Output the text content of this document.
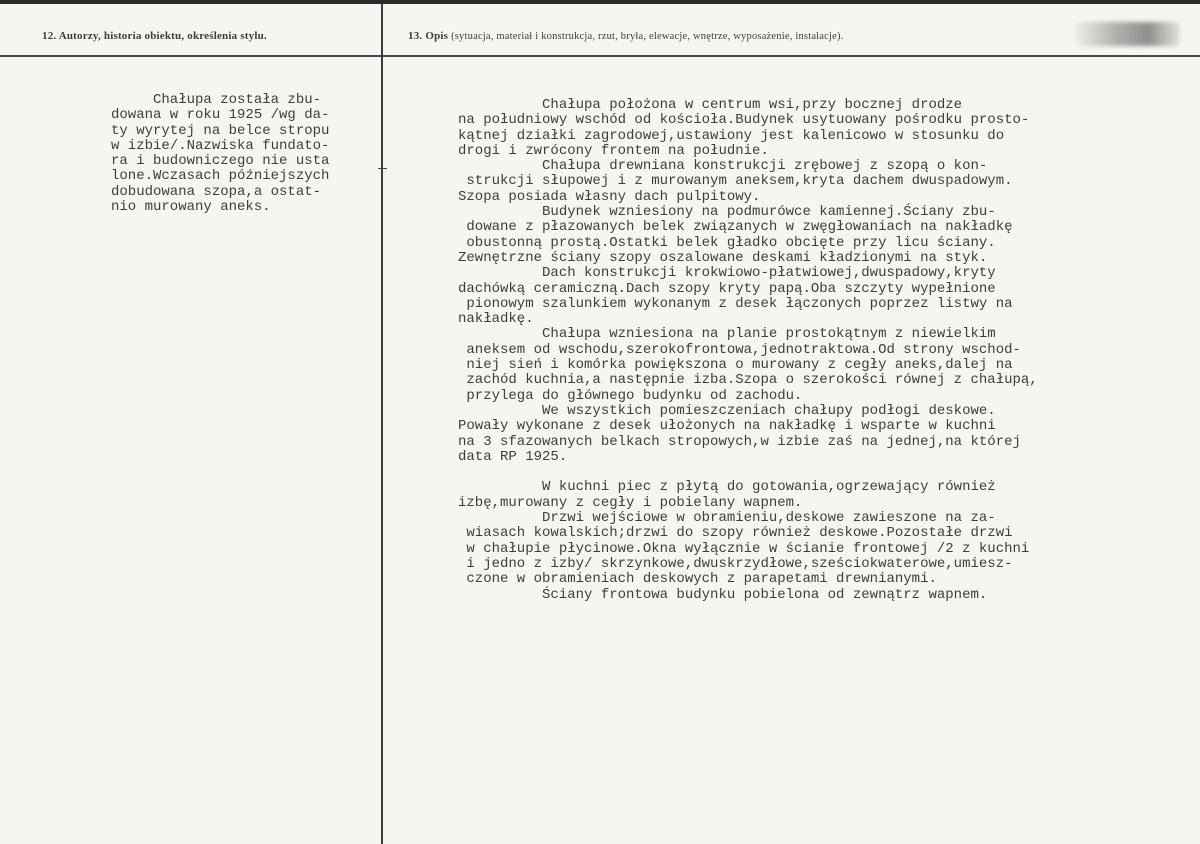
12. Autorzy, historia obiektu, określenia stylu.	13. Opis (sytuacja, materiał i konstrukcja, rzut, bryła, elewacje, wnętrze, wyposażenie, instalacje).
Chałupa została zbu-
dowana w roku 1925 /wg da-
ty wyrytej na belce stropu
w izbie/.Nazwiska fundato-
ra i budowniczego nie usta
lone.Wczasach późniejszych
dobudowana szopa,a ostat-
nio murowany aneks.

Chałupa położona w centrum wsi,przy bocznej drodze
na południowy wschód od kościoła.Budynek usytuowany pośrodku prosto-
kątnej działki zagrodowej,ustawiony jest kalenicowo w stosunku do
drogi i zwrócony frontem na południe.
Chałupa drewniana konstrukcji zrębowej z szopą o kon-
strukcji słupowej i z murowanym aneksem,kryta dachem dwuspadowym.
Szopa posiada własny dach pulpitowy.
Budynek wzniesiony na podmurówce kamiennej.Ściany zbu-
dowane z płazowanych belek związanych w zwęgłowaniach na nakładkę
obustonną prostą.Ostatki belek gładko obcięte przy licu ściany.
Zewnętrzne ściany szopy oszalowane deskami kładzionymi na styk.
Dach konstrukcji krokwiowo-płatwiowej,dwuspadowy,kryty
dachówką ceramiczną.Dach szopy kryty papą.Oba szczyty wypełnione
pionowym szalunkiem wykonanym z desek łączonych poprzez listwy na
nakładkę.
Chałupa wzniesiona na planie prostokątnym z niewielkim
aneksem od wschodu,szerokofrontowa,jednotraktowa.Od strony wschod-
niej sień i komórka powiększona o murowany z cegły aneks,dalej na
zachód kuchnia,a następnie izba.Szopa o szerokości równej z chałupą,
przylega do głównego budynku od zachodu.
We wszystkich pomieszczeniach chałupy podłogi deskowe.
Powały wykonane z desek ułożonych na nakładkę i wsparte w kuchni
na 3 sfazowanych belkach stropowych,w izbie zaś na jednej,na której
data RP 1925.

W kuchni piec z płytą do gotowania,ogrzewający również
izbę,murowany z cegły i pobielany wapnem.
Drzwi wejściowe w obramieniu,deskowe zawieszone na za-
wiasach kowalskich;drzwi do szopy również deskowe.Pozostałe drzwi
w chałupie płycinowe.Okna wyłącznie w ścianie frontowej /2 z kuchni
i jedno z izby/ skrzynkowe,dwuskrzydłowe,sześciokwaterowe,umiesz-
czone w obramieniach deskowych z parapetami drewnianymi.
Ściany frontowa budynku pobielona od zewnątrz wapnem.
